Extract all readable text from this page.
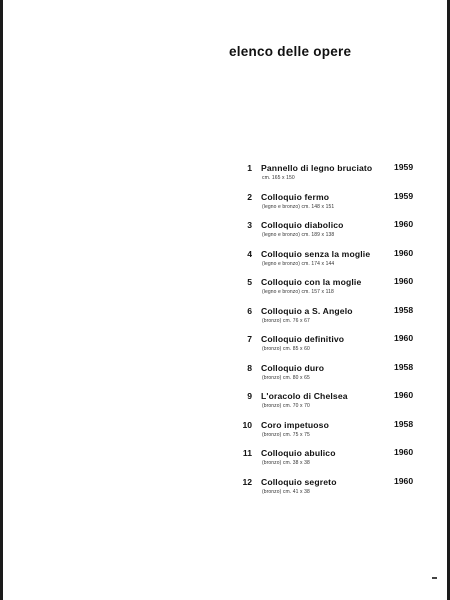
elenco delle opere
1 Pannello di legno bruciato	1959
cm. 165 x 150
2 Colloquio fermo	1959
(legno e bronzo) cm. 148 x 151
3 Colloquio diabolico	1960
(legno e bronzo) cm. 189 x 138
4 Colloquio senza la moglie	1960
(legno e bronzo) cm. 174 x 144
5 Colloquio con la moglie	1960
(legno e bronzo) cm. 157 x 118
6 Colloquio a S. Angelo	1958
(bronzo) cm. 76 x 67
7 Colloquio definitivo	1960
(bronzo) cm. 85 x 60
8 Colloquio duro	1958
(bronzo) cm. 80 x 65
9 L'oracolo di Chelsea	1960
(bronzo) cm. 70 x 70
10 Coro impetuoso	1958
(bronzo) cm. 75 x 75
11 Colloquio abulico	1960
(bronzo) cm. 38 x 38
12 Colloquio segreto	1960
(bronzo) cm. 41 x 38
